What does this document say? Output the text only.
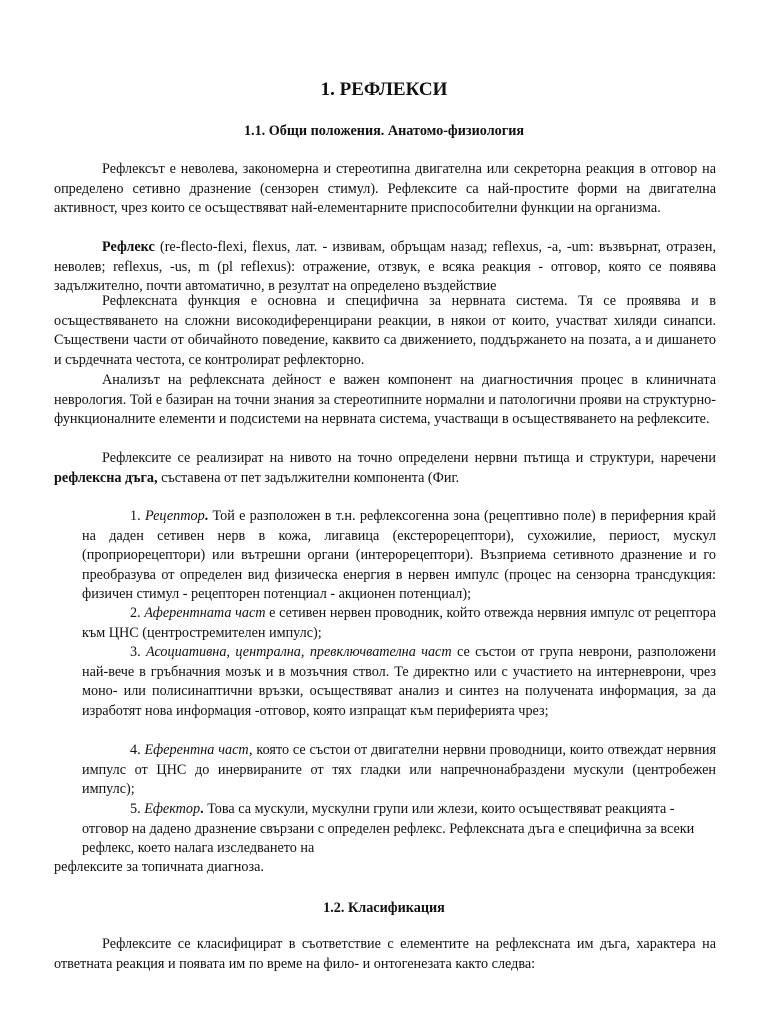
1. РЕФЛЕКСИ
1.1. Общи положения. Анатомо-физиология
Рефлексът е неволева, закономерна и стереотипна двигателна или секреторна реакция в отговор на определено сетивно дразнение (сензорен стимул). Рефлексите са най-простите форми на двигателна активност, чрез които се осъществяват най-елементарните приспособителни функции на организма.
Рефлекс (re-flecto-flexi, flexus, лат. - извивам, обръщам назад; reflexus, -a, -um: възвърнат, отразен, неволев; reflexus, -us, m (pl reflexus): отражение, отзвук, е всяка реакция - отговор, която се появява задължително, почти автоматично, в резултат на определено въздействие
Рефлексната функция е основна и специфична за нервната система. Тя се проявява и в осъществяването на сложни високодиференцирани реакции, в някои от които, участват хиляди синапси. Съществени части от обичайното поведение, каквито са движението, поддържането на позата, а и дишането и сърдечната честота, се контролират рефлекторно.
Анализът на рефлексната дейност е важен компонент на диагностичния процес в клиничната неврология. Той е базиран на точни знания за стереотипните нормални и патологични прояви на структурно-функционалните елементи и подсистеми на нервната система, участващи в осъществяването на рефлексите.
Рефлексите се реализират на нивото на точно определени нервни пътища и структури, наречени рефлексна дъга, съставена от пет задължителни компонента (Фиг.
1. Рецептор. Той е разположен в т.н. рефлексогенна зона (рецептивно поле) в периферния край на даден сетивен нерв в кожа, лигавица (екстерорецептори), сухожилие, периост, мускул (проприорецептори) или вътрешни органи (интерорецептори). Възприема сетивното дразнение и го преобразува от определен вид физическа енергия в нервен импулс (процес на сензорна трансдукция: физичен стимул - рецепторен потенциал - акционен потенциал);
2. Аферентната част е сетивен нервен проводник, който отвежда нервния импулс от рецептора към ЦНС (центростремителен импулс);
3. Асоциативна, централна, превключвателна част се състои от група неврони, разположени най-вече в гръбначния мозък и в мозъчния ствол. Те директно или с участието на интерневрони, чрез моно- или полисинаптични връзки, осъществяват анализ и синтез на получената информация, за да изработят нова информация -отговор, която изпращат към периферията чрез;
4. Еферентна част, която се състои от двигателни нервни проводници, които отвеждат нервния импулс от ЦНС до инервираните от тях гладки или напречнонабраздени мускули (центробежен импулс);
5. Ефектор. Това са мускули, мускулни групи или жлези, които осъществяват реакцията - отговор на дадено дразнение свързани с определен рефлекс. Рефлексната дъга е специфична за всеки рефлекс, което налага изследването на
рефлексите за топичната диагноза.
1.2. Класификация
Рефлексите се класифицират в съответствие с елементите на рефлексната им дъга, характера на ответната реакция и появата им по време на фило- и онтогенезата както следва:
